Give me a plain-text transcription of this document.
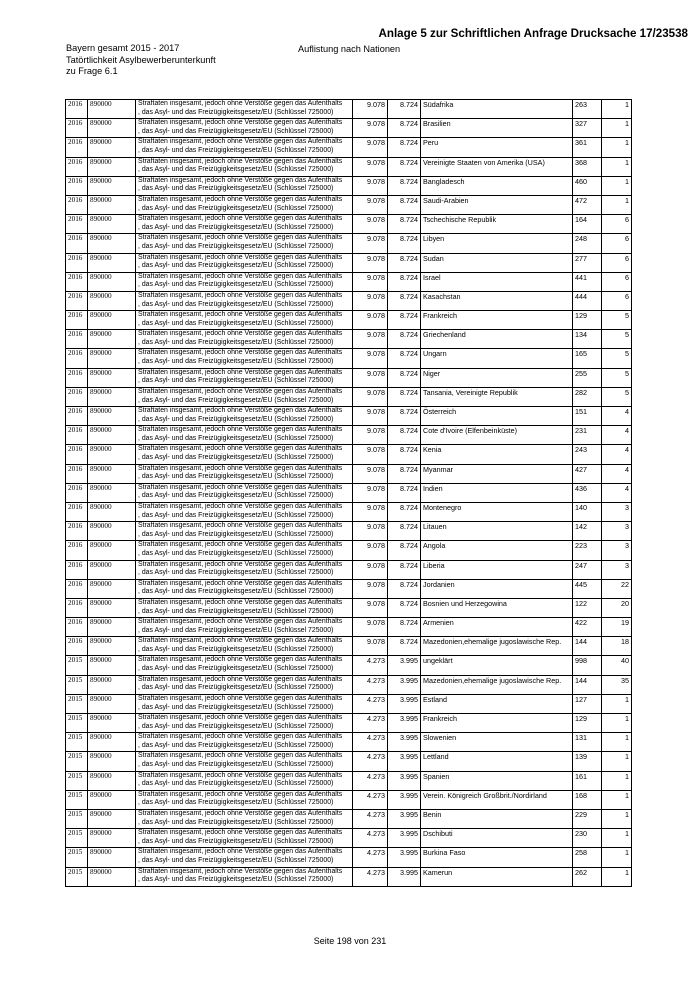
Anlage 5 zur Schriftlichen Anfrage Drucksache 17/23538
Bayern gesamt 2015 - 2017
Tatörtlichkeit Asylbewerberunterkunft
zu Frage 6.1
Auflistung nach Nationen
2016	890000	Straftaten insgesamt, jedoch ohne Verstöße gegen das Aufenthalts
, das Asyl- und das Freizügigkeitsgesetz/EU (Schlüssel 725000)	9.078	8.724	Südafrika	263	1
2016	890000	Straftaten insgesamt, jedoch ohne Verstöße gegen das Aufenthalts
, das Asyl- und das Freizügigkeitsgesetz/EU (Schlüssel 725000)	9.078	8.724	Brasilien	327	1
2016	890000	Straftaten insgesamt, jedoch ohne Verstöße gegen das Aufenthalts
, das Asyl- und das Freizügigkeitsgesetz/EU (Schlüssel 725000)	9.078	8.724	Peru	361	1
2016	890000	Straftaten insgesamt, jedoch ohne Verstöße gegen das Aufenthalts
, das Asyl- und das Freizügigkeitsgesetz/EU (Schlüssel 725000)	9.078	8.724	Vereinigte Staaten von Amerika (USA)	368	1
2016	890000	Straftaten insgesamt, jedoch ohne Verstöße gegen das Aufenthalts
, das Asyl- und das Freizügigkeitsgesetz/EU (Schlüssel 725000)	9.078	8.724	Bangladesch	460	1
2016	890000	Straftaten insgesamt, jedoch ohne Verstöße gegen das Aufenthalts
, das Asyl- und das Freizügigkeitsgesetz/EU (Schlüssel 725000)	9.078	8.724	Saudi-Arabien	472	1
2016	890000	Straftaten insgesamt, jedoch ohne Verstöße gegen das Aufenthalts
, das Asyl- und das Freizügigkeitsgesetz/EU (Schlüssel 725000)	9.078	8.724	Tschechische Republik	164	6
2016	890000	Straftaten insgesamt, jedoch ohne Verstöße gegen das Aufenthalts
, das Asyl- und das Freizügigkeitsgesetz/EU (Schlüssel 725000)	9.078	8.724	Libyen	248	6
2016	890000	Straftaten insgesamt, jedoch ohne Verstöße gegen das Aufenthalts
, das Asyl- und das Freizügigkeitsgesetz/EU (Schlüssel 725000)	9.078	8.724	Sudan	277	6
2016	890000	Straftaten insgesamt, jedoch ohne Verstöße gegen das Aufenthalts
, das Asyl- und das Freizügigkeitsgesetz/EU (Schlüssel 725000)	9.078	8.724	Israel	441	6
2016	890000	Straftaten insgesamt, jedoch ohne Verstöße gegen das Aufenthalts
, das Asyl- und das Freizügigkeitsgesetz/EU (Schlüssel 725000)	9.078	8.724	Kasachstan	444	6
2016	890000	Straftaten insgesamt, jedoch ohne Verstöße gegen das Aufenthalts
, das Asyl- und das Freizügigkeitsgesetz/EU (Schlüssel 725000)	9.078	8.724	Frankreich	129	5
2016	890000	Straftaten insgesamt, jedoch ohne Verstöße gegen das Aufenthalts
, das Asyl- und das Freizügigkeitsgesetz/EU (Schlüssel 725000)	9.078	8.724	Griechenland	134	5
2016	890000	Straftaten insgesamt, jedoch ohne Verstöße gegen das Aufenthalts
, das Asyl- und das Freizügigkeitsgesetz/EU (Schlüssel 725000)	9.078	8.724	Ungarn	165	5
2016	890000	Straftaten insgesamt, jedoch ohne Verstöße gegen das Aufenthalts
, das Asyl- und das Freizügigkeitsgesetz/EU (Schlüssel 725000)	9.078	8.724	Niger	255	5
2016	890000	Straftaten insgesamt, jedoch ohne Verstöße gegen das Aufenthalts
, das Asyl- und das Freizügigkeitsgesetz/EU (Schlüssel 725000)	9.078	8.724	Tansania, Vereinigte Republik	282	5
2016	890000	Straftaten insgesamt, jedoch ohne Verstöße gegen das Aufenthalts
, das Asyl- und das Freizügigkeitsgesetz/EU (Schlüssel 725000)	9.078	8.724	Österreich	151	4
2016	890000	Straftaten insgesamt, jedoch ohne Verstöße gegen das Aufenthalts
, das Asyl- und das Freizügigkeitsgesetz/EU (Schlüssel 725000)	9.078	8.724	Cote d'Ivoire (Elfenbeinküste)	231	4
2016	890000	Straftaten insgesamt, jedoch ohne Verstöße gegen das Aufenthalts
, das Asyl- und das Freizügigkeitsgesetz/EU (Schlüssel 725000)	9.078	8.724	Kenia	243	4
2016	890000	Straftaten insgesamt, jedoch ohne Verstöße gegen das Aufenthalts
, das Asyl- und das Freizügigkeitsgesetz/EU (Schlüssel 725000)	9.078	8.724	Myanmar	427	4
2016	890000	Straftaten insgesamt, jedoch ohne Verstöße gegen das Aufenthalts
, das Asyl- und das Freizügigkeitsgesetz/EU (Schlüssel 725000)	9.078	8.724	Indien	436	4
2016	890000	Straftaten insgesamt, jedoch ohne Verstöße gegen das Aufenthalts
, das Asyl- und das Freizügigkeitsgesetz/EU (Schlüssel 725000)	9.078	8.724	Montenegro	140	3
2016	890000	Straftaten insgesamt, jedoch ohne Verstöße gegen das Aufenthalts
, das Asyl- und das Freizügigkeitsgesetz/EU (Schlüssel 725000)	9.078	8.724	Litauen	142	3
2016	890000	Straftaten insgesamt, jedoch ohne Verstöße gegen das Aufenthalts
, das Asyl- und das Freizügigkeitsgesetz/EU (Schlüssel 725000)	9.078	8.724	Angola	223	3
2016	890000	Straftaten insgesamt, jedoch ohne Verstöße gegen das Aufenthalts
, das Asyl- und das Freizügigkeitsgesetz/EU (Schlüssel 725000)	9.078	8.724	Liberia	247	3
2016	890000	Straftaten insgesamt, jedoch ohne Verstöße gegen das Aufenthalts
, das Asyl- und das Freizügigkeitsgesetz/EU (Schlüssel 725000)	9.078	8.724	Jordanien	445	22
2016	890000	Straftaten insgesamt, jedoch ohne Verstöße gegen das Aufenthalts
, das Asyl- und das Freizügigkeitsgesetz/EU (Schlüssel 725000)	9.078	8.724	Bosnien und Herzegowina	122	20
2016	890000	Straftaten insgesamt, jedoch ohne Verstöße gegen das Aufenthalts
, das Asyl- und das Freizügigkeitsgesetz/EU (Schlüssel 725000)	9.078	8.724	Armenien	422	19
2016	890000	Straftaten insgesamt, jedoch ohne Verstöße gegen das Aufenthalts
, das Asyl- und das Freizügigkeitsgesetz/EU (Schlüssel 725000)	9.078	8.724	Mazedonien,ehemalige jugoslawische Rep.	144	18
2015	890000	Straftaten insgesamt, jedoch ohne Verstöße gegen das Aufenthalts
, das Asyl- und das Freizügigkeitsgesetz/EU (Schlüssel 725000)	4.273	3.995	ungeklärt	998	40
2015	890000	Straftaten insgesamt, jedoch ohne Verstöße gegen das Aufenthalts
, das Asyl- und das Freizügigkeitsgesetz/EU (Schlüssel 725000)	4.273	3.995	Mazedonien,ehemalige jugoslawische Rep.	144	35
2015	890000	Straftaten insgesamt, jedoch ohne Verstöße gegen das Aufenthalts
, das Asyl- und das Freizügigkeitsgesetz/EU (Schlüssel 725000)	4.273	3.995	Estland	127	1
2015	890000	Straftaten insgesamt, jedoch ohne Verstöße gegen das Aufenthalts
, das Asyl- und das Freizügigkeitsgesetz/EU (Schlüssel 725000)	4.273	3.995	Frankreich	129	1
2015	890000	Straftaten insgesamt, jedoch ohne Verstöße gegen das Aufenthalts
, das Asyl- und das Freizügigkeitsgesetz/EU (Schlüssel 725000)	4.273	3.995	Slowenien	131	1
2015	890000	Straftaten insgesamt, jedoch ohne Verstöße gegen das Aufenthalts
, das Asyl- und das Freizügigkeitsgesetz/EU (Schlüssel 725000)	4.273	3.995	Lettland	139	1
2015	890000	Straftaten insgesamt, jedoch ohne Verstöße gegen das Aufenthalts
, das Asyl- und das Freizügigkeitsgesetz/EU (Schlüssel 725000)	4.273	3.995	Spanien	161	1
2015	890000	Straftaten insgesamt, jedoch ohne Verstöße gegen das Aufenthalts
, das Asyl- und das Freizügigkeitsgesetz/EU (Schlüssel 725000)	4.273	3.995	Verein. Königreich Großbrit./Nordirland	168	1
2015	890000	Straftaten insgesamt, jedoch ohne Verstöße gegen das Aufenthalts
, das Asyl- und das Freizügigkeitsgesetz/EU (Schlüssel 725000)	4.273	3.995	Benin	229	1
2015	890000	Straftaten insgesamt, jedoch ohne Verstöße gegen das Aufenthalts
, das Asyl- und das Freizügigkeitsgesetz/EU (Schlüssel 725000)	4.273	3.995	Dschibuti	230	1
2015	890000	Straftaten insgesamt, jedoch ohne Verstöße gegen das Aufenthalts
, das Asyl- und das Freizügigkeitsgesetz/EU (Schlüssel 725000)	4.273	3.995	Burkina Faso	258	1
2015	890000	Straftaten insgesamt, jedoch ohne Verstöße gegen das Aufenthalts
, das Asyl- und das Freizügigkeitsgesetz/EU (Schlüssel 725000)	4.273	3.995	Kamerun	262	1
Seite 198 von 231
